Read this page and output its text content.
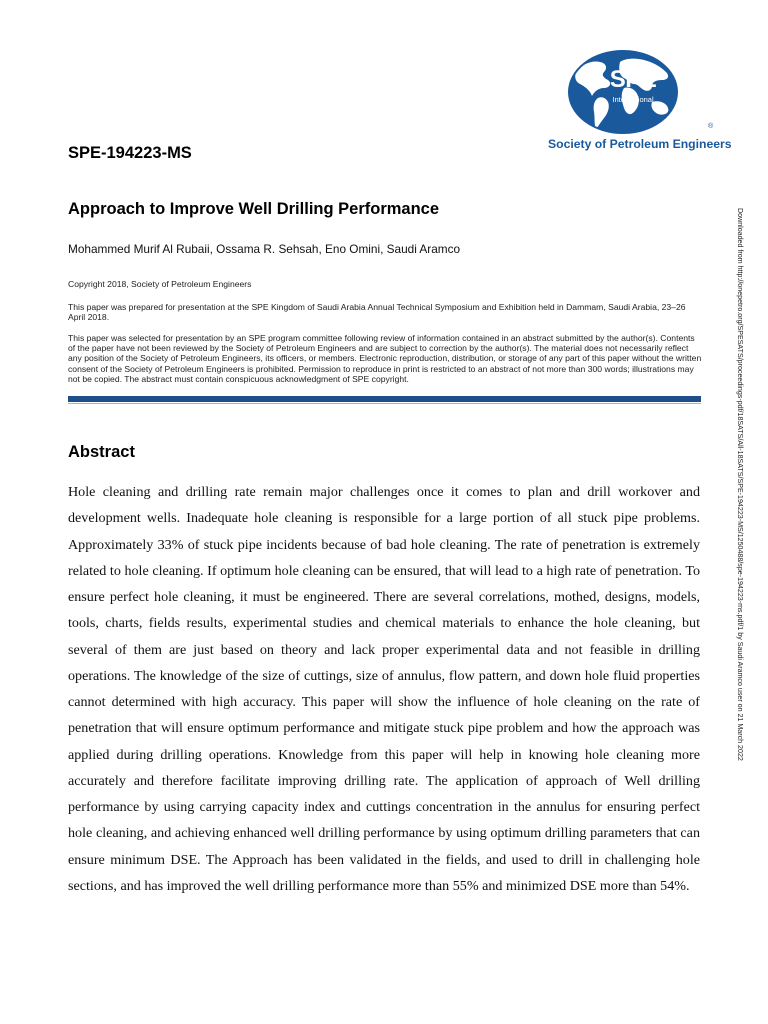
SPE
International
®
Society of Petroleum Engineers
SPE-194223-MS
Approach to Improve Well Drilling Performance
Mohammed Murif Al Rubaii, Ossama R. Sehsah, Eno Omini, Saudi Aramco
Copyright 2018, Society of Petroleum Engineers

This paper was prepared for presentation at the SPE Kingdom of Saudi Arabia Annual Technical Symposium and Exhibition held in Dammam, Saudi Arabia, 23–26 April 2018.

This paper was selected for presentation by an SPE program committee following review of information contained in an abstract submitted by the author(s). Contents of the paper have not been reviewed by the Society of Petroleum Engineers and are subject to correction by the author(s). The material does not necessarily reflect any position of the Society of Petroleum Engineers, its officers, or members. Electronic reproduction, distribution, or storage of any part of this paper without the written consent of the Society of Petroleum Engineers is prohibited. Permission to reproduce in print is restricted to an abstract of not more than 300 words; illustrations may not be copied. The abstract must contain conspicuous acknowledgment of SPE copyright.

Abstract

Hole cleaning and drilling rate remain major challenges once it comes to plan and drill workover and development wells. Inadequate hole cleaning is responsible for a large portion of all stuck pipe problems. Approximately 33% of stuck pipe incidents because of bad hole cleaning. The rate of penetration is extremely related to hole cleaning. If optimum hole cleaning can be ensured, that will lead to a high rate of penetration. To ensure perfect hole cleaning, it must be engineered. There are several correlations, mothed, designs, models, tools, charts, fields results, experimental studies and chemical materials to enhance the hole cleaning, but several of them are just based on theory and lack proper experimental data and not feasible in drilling operations. The knowledge of the size of cuttings, size of annulus, flow pattern, and down hole fluid properties cannot determined with high accuracy. This paper will show the influence of hole cleaning on the rate of penetration that will ensure optimum performance and mitigate stuck pipe problem and how the approach was applied during drilling operations. Knowledge from this paper will help in knowing hole cleaning more accurately and therefore facilitate improving drilling rate. The application of approach of Well drilling performance by using carrying capacity index and cuttings concentration in the annulus for ensuring perfect hole cleaning, and achieving enhanced well drilling performance by using optimum drilling parameters that can ensure minimum DSE. The Approach has been validated in the fields, and used to drill in challenging hole sections, and has improved the well drilling performance more than 55% and minimized DSE more than 54%.

Downloaded from http://onepetro.org/SPESATS/proceedings-pdf/18SATS/All-18SATS/SPE-194223-MS/1250488/spe-194223-ms.pdf/1 by Saudi Aramco user on 21 March 2022
